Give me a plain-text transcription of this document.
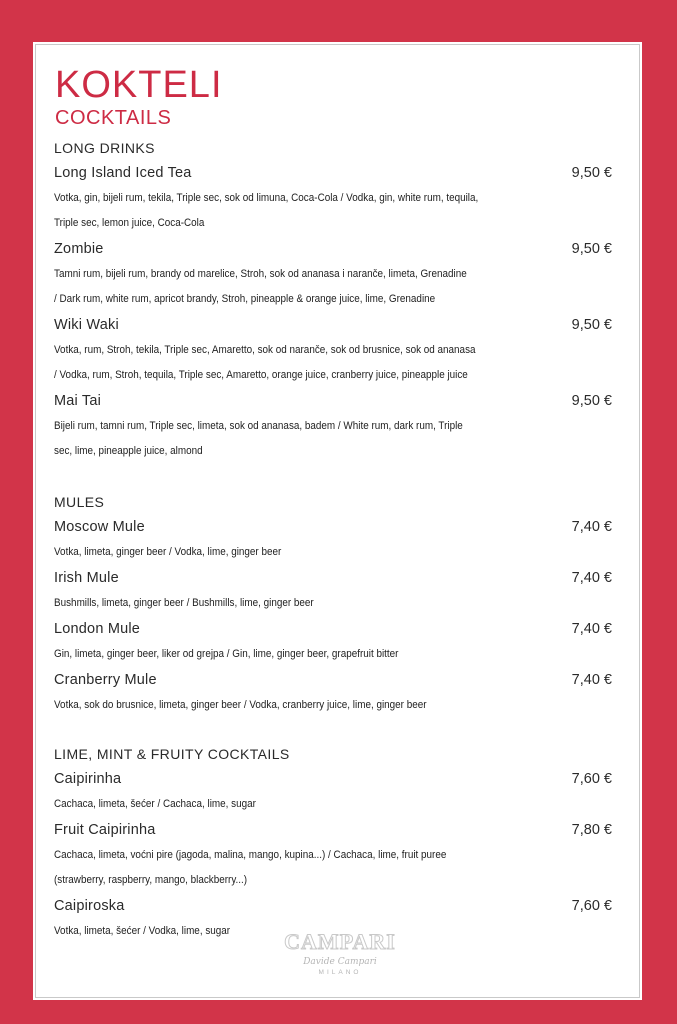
KOKTELI
COCKTAILS
LONG DRINKS
Long Island Iced Tea	9,50 €
Votka, gin, bijeli rum, tekila, Triple sec, sok od limuna, Coca-Cola / Vodka, gin, white rum, tequila,
Triple sec, lemon juice, Coca-Cola
Zombie	9,50 €
Tamni rum, bijeli rum, brandy od marelice, Stroh, sok od ananasa i naranče, limeta, Grenadine
/ Dark rum, white rum, apricot brandy, Stroh, pineapple & orange juice, lime, Grenadine
Wiki Waki	9,50 €
Votka, rum, Stroh, tekila, Triple sec, Amaretto, sok od naranče, sok od brusnice, sok od ananasa
/ Vodka, rum, Stroh, tequila, Triple sec, Amaretto, orange juice, cranberry juice, pineapple juice
Mai Tai	9,50 €
Bijeli rum, tamni rum, Triple sec, limeta, sok od ananasa, badem / White rum, dark rum, Triple
sec, lime, pineapple juice, almond
MULES
Moscow Mule	7,40 €
Votka, limeta, ginger beer / Vodka, lime, ginger beer
Irish Mule	7,40 €
Bushmills, limeta, ginger beer / Bushmills, lime, ginger beer
London Mule	7,40 €
Gin, limeta, ginger beer, liker od grejpa / Gin, lime, ginger beer, grapefruit bitter
Cranberry Mule	7,40 €
Votka, sok do brusnice, limeta, ginger beer / Vodka, cranberry juice, lime, ginger beer
LIME, MINT & FRUITY COCKTAILS
Caipirinha	7,60 €
Cachaca, limeta, šećer / Cachaca, lime, sugar
Fruit Caipirinha	7,80 €
Cachaca, limeta, voćni pire (jagoda, malina, mango, kupina...) / Cachaca, lime, fruit puree
(strawberry, raspberry, mango, blackberry...)
Caipiroska	7,60 €
Votka, limeta, šećer / Vodka, lime, sugar	CAMPARI
Davide Campari
MILANO
